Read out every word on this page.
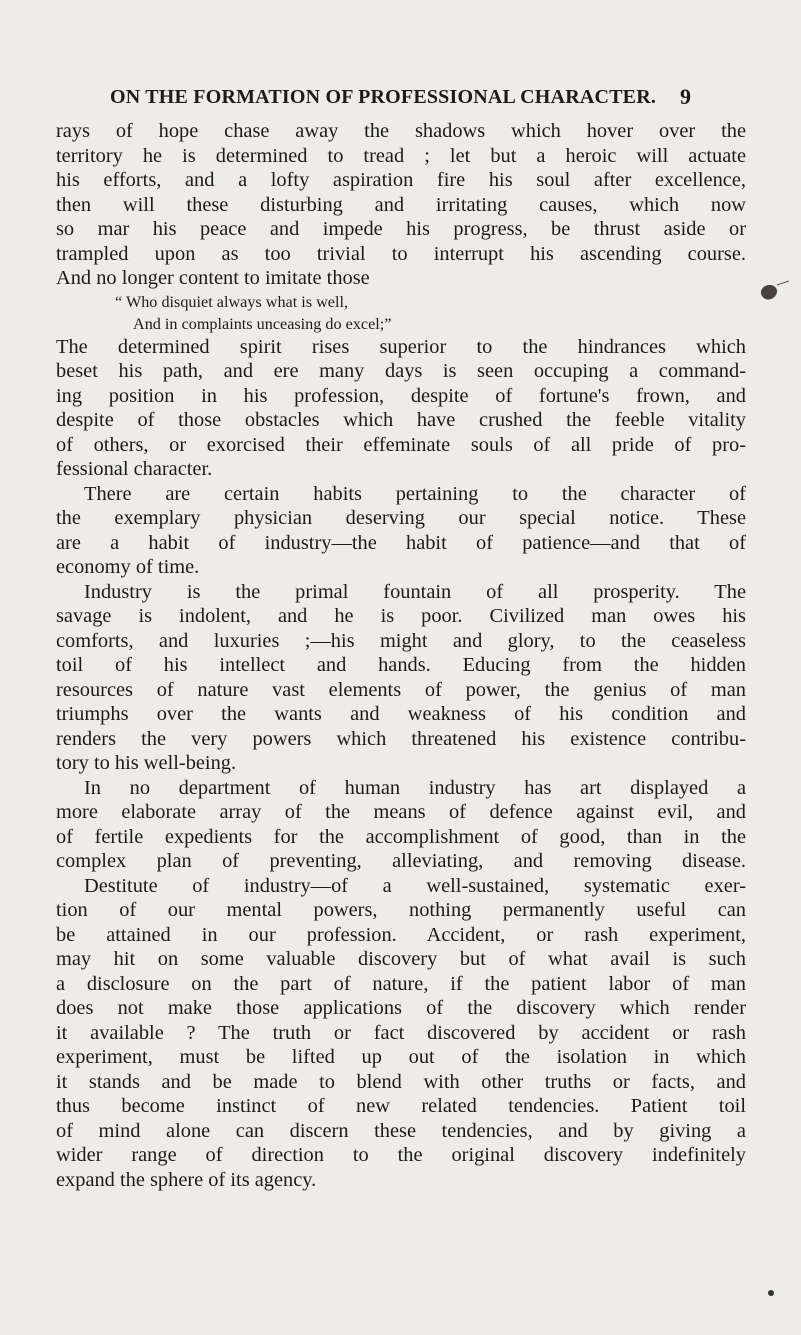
ON THE FORMATION OF PROFESSIONAL CHARACTER. 9
rays of hope chase away the shadows which hover over the
territory he is determined to tread ; let but a heroic will actuate
his efforts, and a lofty aspiration fire his soul after excellence,
then will these disturbing and irritating causes, which now
so mar his peace and impede his progress, be thrust aside or
trampled upon as too trivial to interrupt his ascending course.
And no longer content to imitate those
“ Who disquiet always what is well,
And in complaints unceasing do excel;”
The determined spirit rises superior to the hindrances which
beset his path, and ere many days is seen occuping a command-
ing position in his profession, despite of fortune's frown, and
despite of those obstacles which have crushed the feeble vitality
of others, or exorcised their effeminate souls of all pride of pro-
fessional character.
There are certain habits pertaining to the character of
the exemplary physician deserving our special notice. These
are a habit of industry—the habit of patience—and that of
economy of time.
Industry is the primal fountain of all prosperity. The
savage is indolent, and he is poor. Civilized man owes his
comforts, and luxuries ;—his might and glory, to the ceaseless
toil of his intellect and hands. Educing from the hidden
resources of nature vast elements of power, the genius of man
triumphs over the wants and weakness of his condition and
renders the very powers which threatened his existence contribu-
tory to his well-being.
In no department of human industry has art displayed a
more elaborate array of the means of defence against evil, and
of fertile expedients for the accomplishment of good, than in the
complex plan of preventing, alleviating, and removing disease.
Destitute of industry—of a well-sustained, systematic exer-
tion of our mental powers, nothing permanently useful can
be attained in our profession. Accident, or rash experiment,
may hit on some valuable discovery but of what avail is such
a disclosure on the part of nature, if the patient labor of man
does not make those applications of the discovery which render
it available ? The truth or fact discovered by accident or rash
experiment, must be lifted up out of the isolation in which
it stands and be made to blend with other truths or facts, and
thus become instinct of new related tendencies. Patient toil
of mind alone can discern these tendencies, and by giving a
wider range of direction to the original discovery indefinitely
expand the sphere of its agency.
